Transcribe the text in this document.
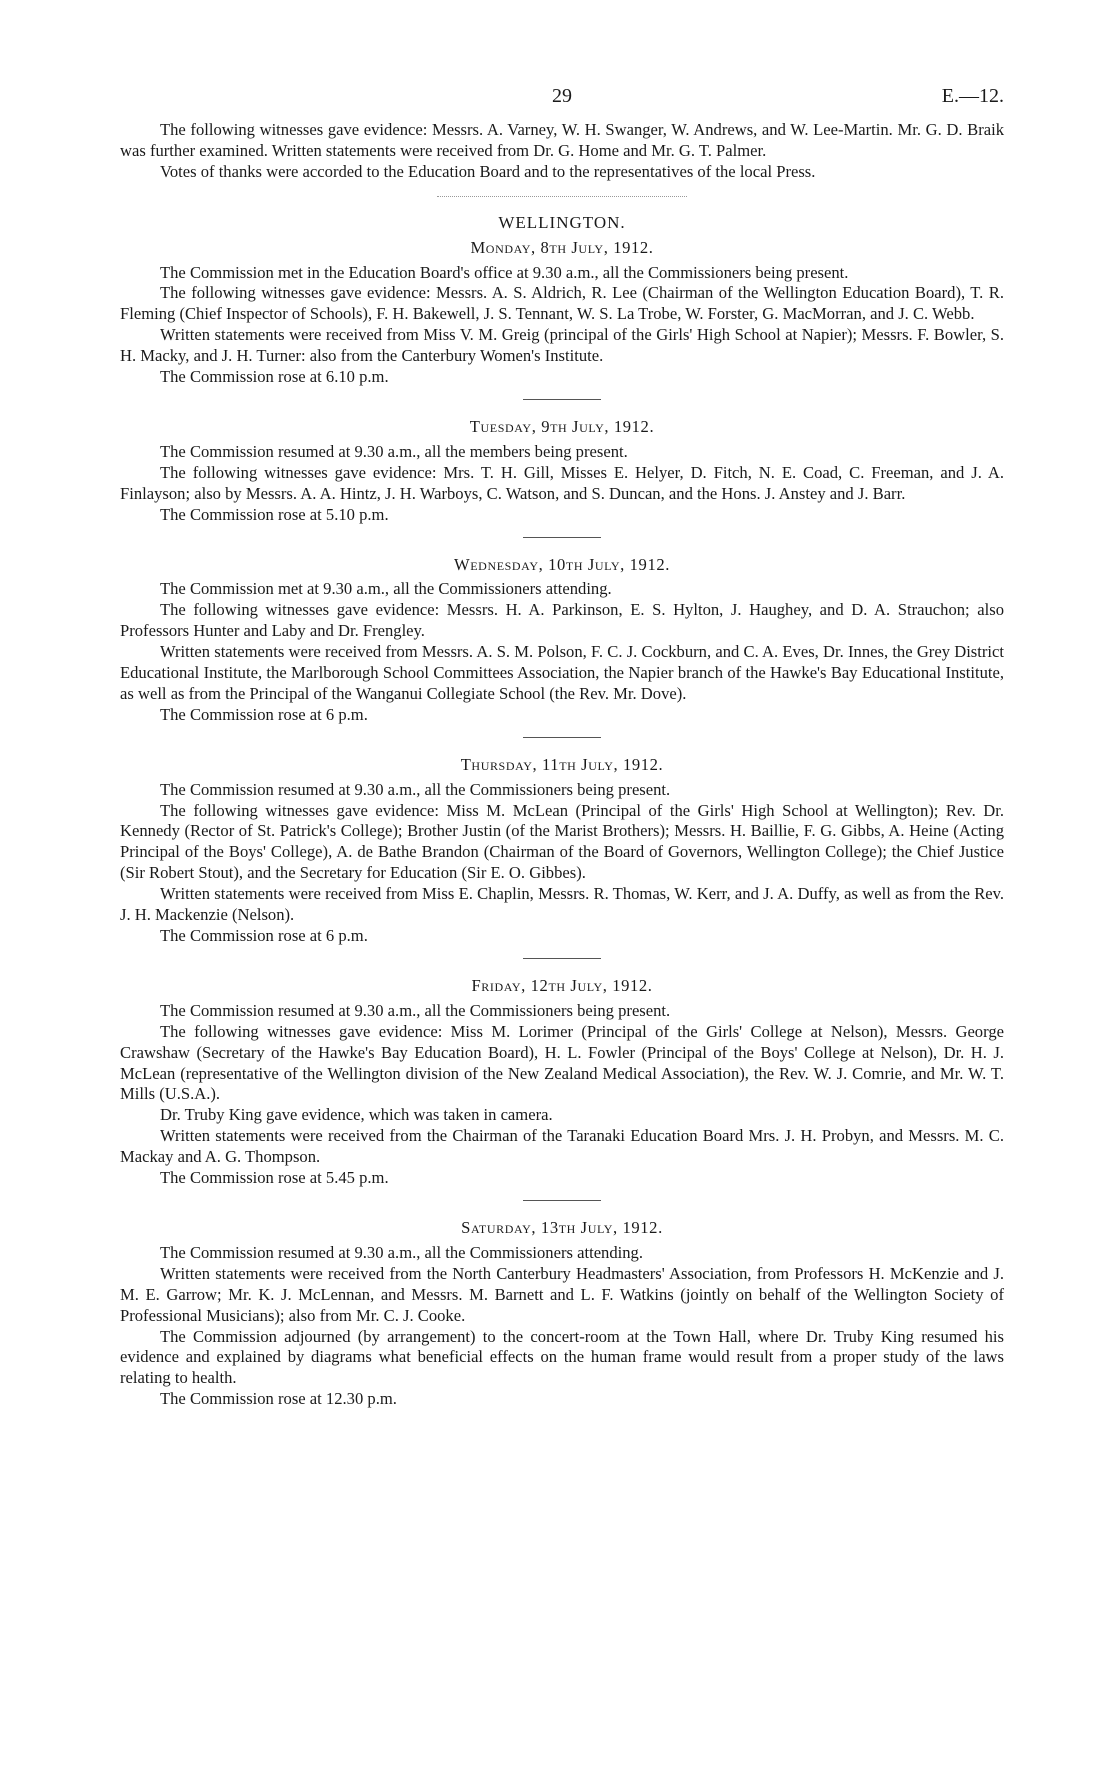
29	E.—12.

The following witnesses gave evidence: Messrs. A. Varney, W. H. Swanger, W. Andrews, and W. Lee-Martin. Mr. G. D. Braik was further examined. Written statements were received from Dr. G. Home and Mr. G. T. Palmer.

Votes of thanks were accorded to the Education Board and to the representatives of the local Press.

WELLINGTON.
Monday, 8th July, 1912.

The Commission met in the Education Board's office at 9.30 a.m., all the Commissioners being present.

The following witnesses gave evidence: Messrs. A. S. Aldrich, R. Lee (Chairman of the Wellington Education Board), T. R. Fleming (Chief Inspector of Schools), F. H. Bakewell, J. S. Tennant, W. S. La Trobe, W. Forster, G. MacMorran, and J. C. Webb.

Written statements were received from Miss V. M. Greig (principal of the Girls' High School at Napier); Messrs. F. Bowler, S. H. Macky, and J. H. Turner: also from the Canterbury Women's Institute.

The Commission rose at 6.10 p.m.

Tuesday, 9th July, 1912.

The Commission resumed at 9.30 a.m., all the members being present.

The following witnesses gave evidence: Mrs. T. H. Gill, Misses E. Helyer, D. Fitch, N. E. Coad, C. Freeman, and J. A. Finlayson; also by Messrs. A. A. Hintz, J. H. Warboys, C. Watson, and S. Duncan, and the Hons. J. Anstey and J. Barr.

The Commission rose at 5.10 p.m.

Wednesday, 10th July, 1912.

The Commission met at 9.30 a.m., all the Commissioners attending.

The following witnesses gave evidence: Messrs. H. A. Parkinson, E. S. Hylton, J. Haughey, and D. A. Strauchon; also Professors Hunter and Laby and Dr. Frengley.

Written statements were received from Messrs. A. S. M. Polson, F. C. J. Cockburn, and C. A. Eves, Dr. Innes, the Grey District Educational Institute, the Marlborough School Committees Association, the Napier branch of the Hawke's Bay Educational Institute, as well as from the Principal of the Wanganui Collegiate School (the Rev. Mr. Dove).

The Commission rose at 6 p.m.

Thursday, 11th July, 1912.

The Commission resumed at 9.30 a.m., all the Commissioners being present.

The following witnesses gave evidence: Miss M. McLean (Principal of the Girls' High School at Wellington); Rev. Dr. Kennedy (Rector of St. Patrick's College); Brother Justin (of the Marist Brothers); Messrs. H. Baillie, F. G. Gibbs, A. Heine (Acting Principal of the Boys' College), A. de Bathe Brandon (Chairman of the Board of Governors, Wellington College); the Chief Justice (Sir Robert Stout), and the Secretary for Education (Sir E. O. Gibbes).

Written statements were received from Miss E. Chaplin, Messrs. R. Thomas, W. Kerr, and J. A. Duffy, as well as from the Rev. J. H. Mackenzie (Nelson).

The Commission rose at 6 p.m.

Friday, 12th July, 1912.

The Commission resumed at 9.30 a.m., all the Commissioners being present.

The following witnesses gave evidence: Miss M. Lorimer (Principal of the Girls' College at Nelson), Messrs. George Crawshaw (Secretary of the Hawke's Bay Education Board), H. L. Fowler (Principal of the Boys' College at Nelson), Dr. H. J. McLean (representative of the Wellington division of the New Zealand Medical Association), the Rev. W. J. Comrie, and Mr. W. T. Mills (U.S.A.).

Dr. Truby King gave evidence, which was taken in camera.

Written statements were received from the Chairman of the Taranaki Education Board Mrs. J. H. Probyn, and Messrs. M. C. Mackay and A. G. Thompson.

The Commission rose at 5.45 p.m.

Saturday, 13th July, 1912.

The Commission resumed at 9.30 a.m., all the Commissioners attending.

Written statements were received from the North Canterbury Headmasters' Association, from Professors H. McKenzie and J. M. E. Garrow; Mr. K. J. McLennan, and Messrs. M. Barnett and L. F. Watkins (jointly on behalf of the Wellington Society of Professional Musicians); also from Mr. C. J. Cooke.

The Commission adjourned (by arrangement) to the concert-room at the Town Hall, where Dr. Truby King resumed his evidence and explained by diagrams what beneficial effects on the human frame would result from a proper study of the laws relating to health.

The Commission rose at 12.30 p.m.
